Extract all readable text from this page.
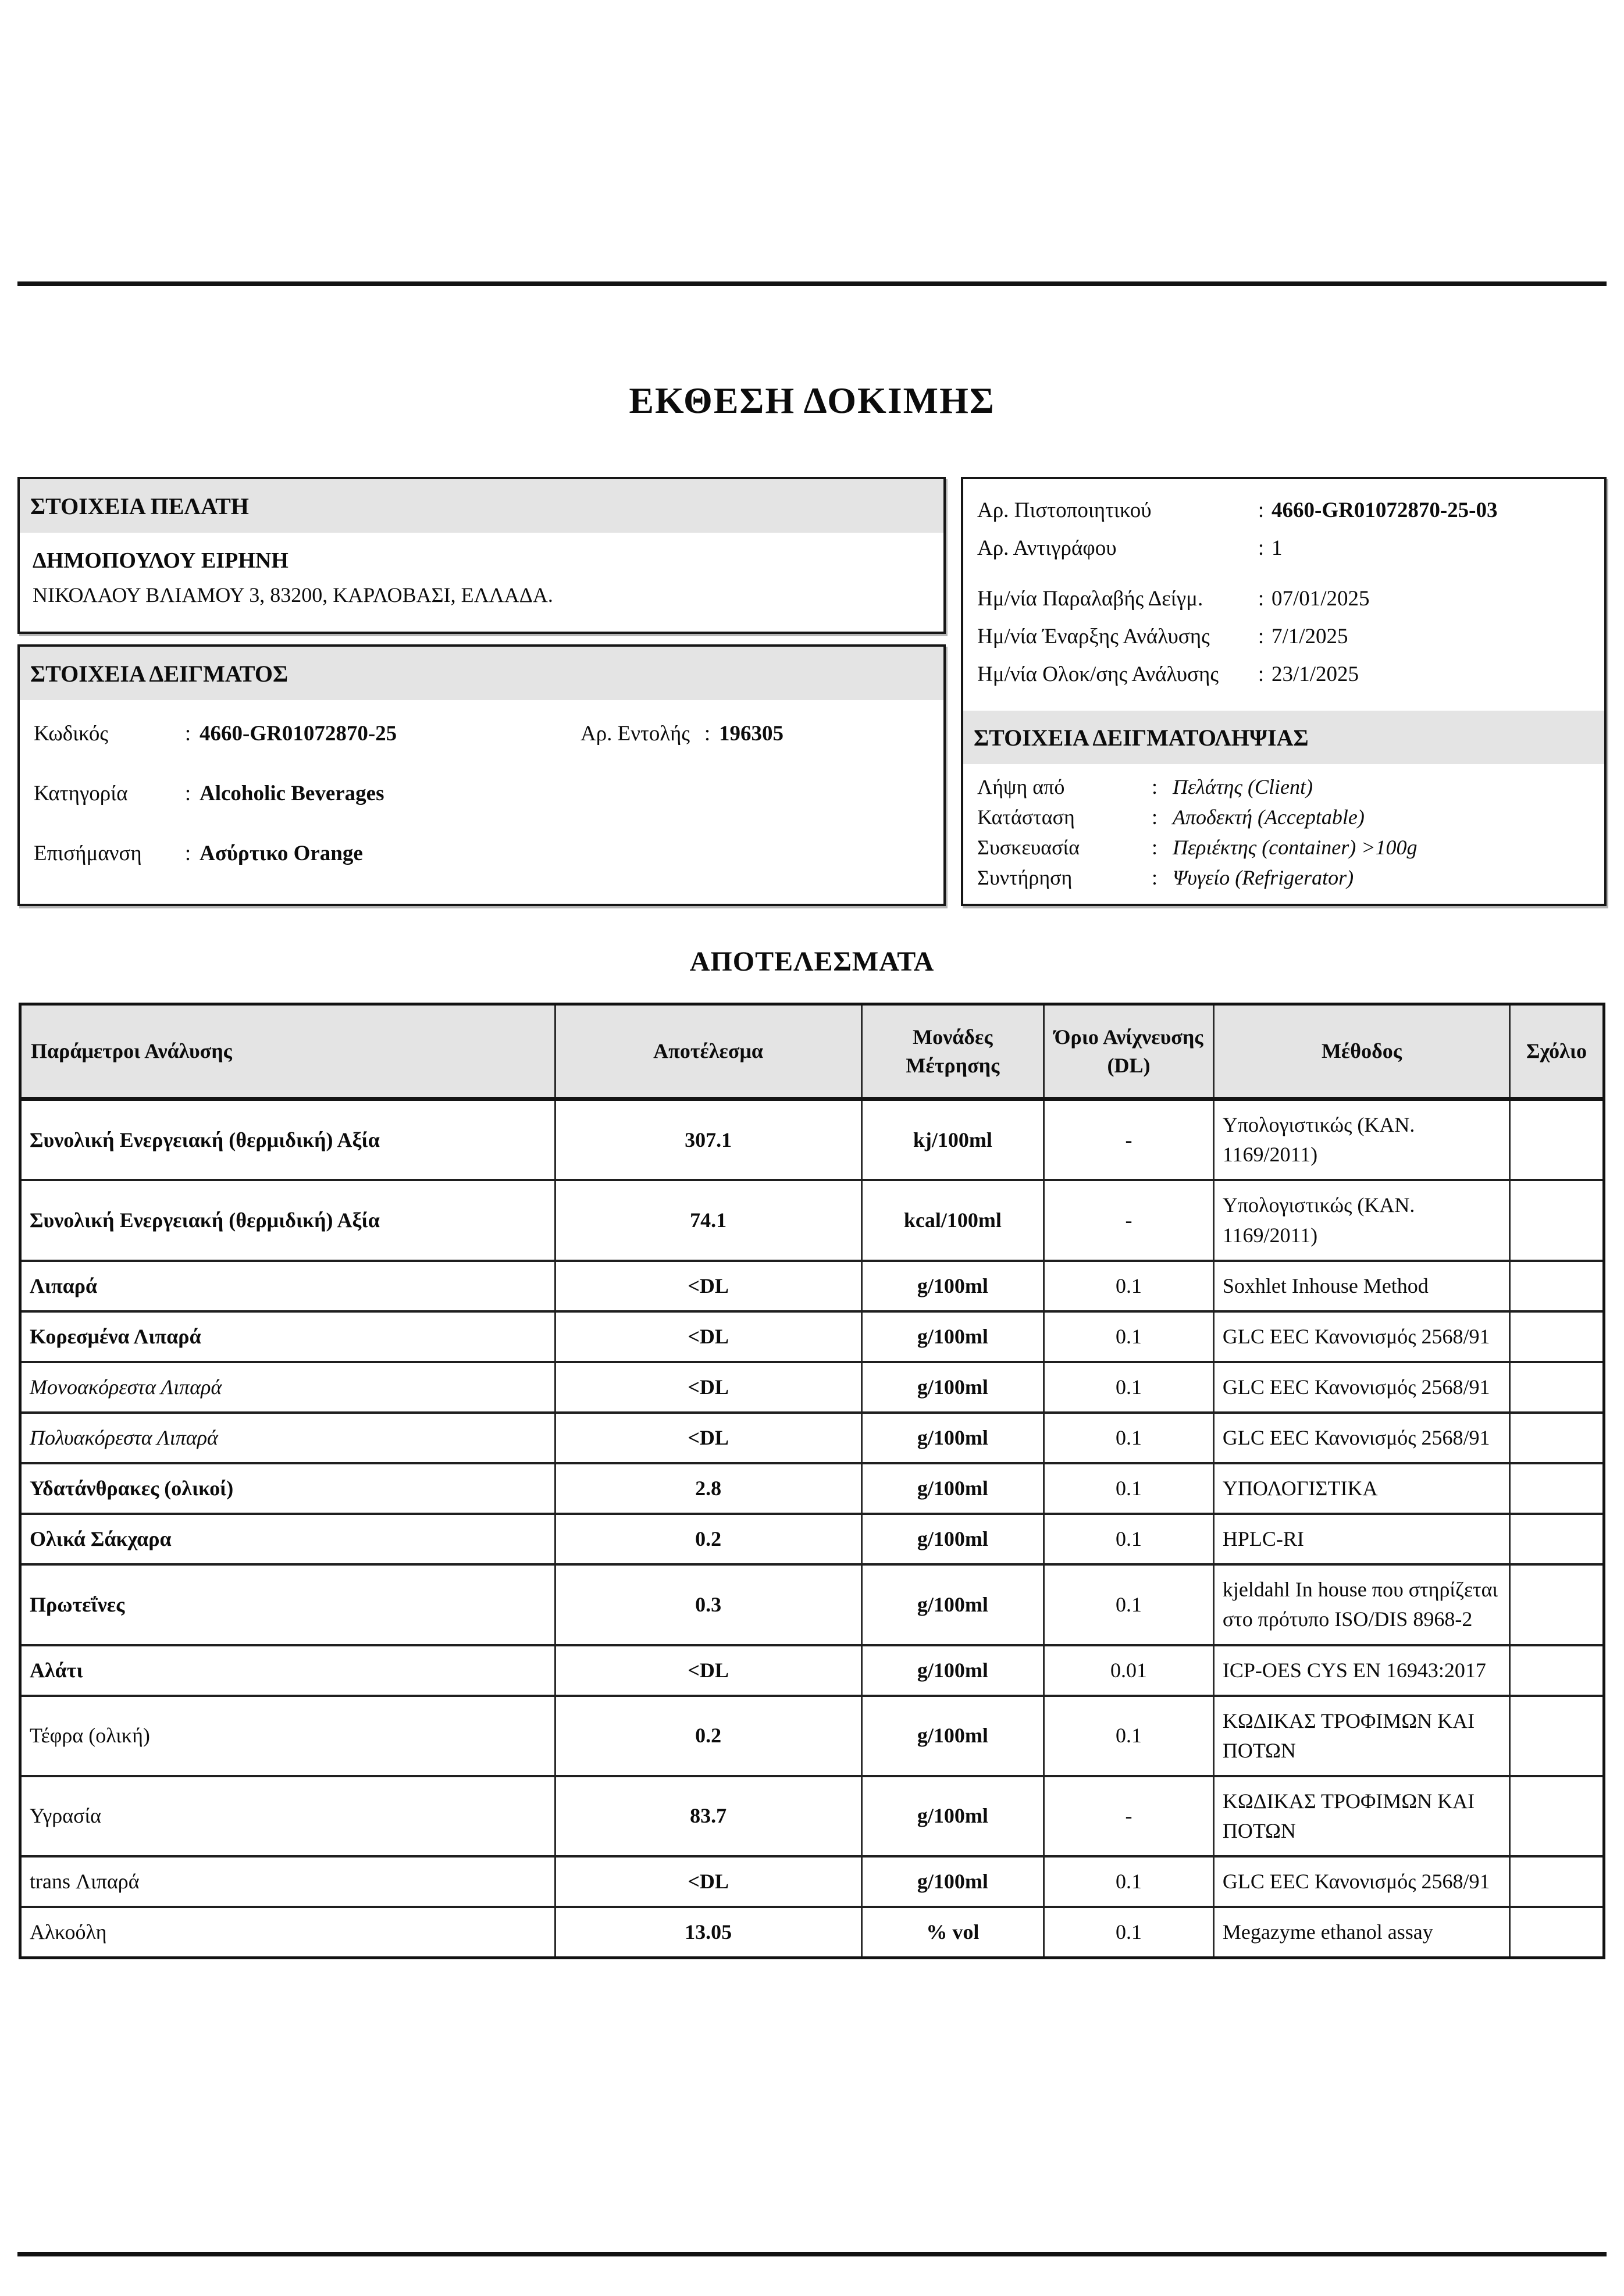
ΕΚΘΕΣΗ ΔΟΚΙΜΗΣ
ΣΤΟΙΧΕΙΑ ΠΕΛΑΤΗ
ΔΗΜΟΠΟΥΛΟΥ ΕΙΡΗΝΗ
ΝΙΚΟΛΑΟΥ ΒΛΙΑΜΟΥ 3, 83200, ΚΑΡΛΟΒΑΣΙ, ΕΛΛΑΔΑ.
ΣΤΟΙΧΕΙΑ ΔΕΙΓΜΑΤΟΣ
Κωδικός	: 4660-GR01072870-25	Αρ. Εντολής : 196305
Κατηγορία	: Alcoholic Beverages
Επισήμανση	: Ασύρτικο Orange
Αρ. Πιστοποιητικού	: 4660-GR01072870-25-03
Αρ. Αντιγράφου	: 1
Ημ/νία Παραλαβής Δείγμ.	: 07/01/2025
Ημ/νία Έναρξης Ανάλυσης	: 7/1/2025
Ημ/νία Ολοκ/σης Ανάλυσης	: 23/1/2025
ΣΤΟΙΧΕΙΑ ΔΕΙΓΜΑΤΟΛΗΨΙΑΣ
Λήψη από	: Πελάτης (Client)
Κατάσταση	: Αποδεκτή (Acceptable)
Συσκευασία	: Περιέκτης (container) >100g
Συντήρηση	: Ψυγείο (Refrigerator)
ΑΠΟΤΕΛΕΣΜΑΤΑ
Παράμετροι Ανάλυσης	Αποτέλεσμα	Μονάδες Μέτρησης	Όριο Ανίχνευσης (DL)	Μέθοδος	Σχόλιο
Συνολική Ενεργειακή (θερμιδική) Αξία	307.1	kj/100ml	-	Υπολογιστικώς (ΚΑΝ. 1169/2011)	
Συνολική Ενεργειακή (θερμιδική) Αξία	74.1	kcal/100ml	-	Υπολογιστικώς (ΚΑΝ. 1169/2011)	
Λιπαρά	<DL	g/100ml	0.1	Soxhlet Inhouse Method	
Κορεσμένα Λιπαρά	<DL	g/100ml	0.1	GLC EEC Κανονισμός 2568/91	
Μονοακόρεστα Λιπαρά	<DL	g/100ml	0.1	GLC EEC Κανονισμός 2568/91	
Πολυακόρεστα Λιπαρά	<DL	g/100ml	0.1	GLC EEC Κανονισμός 2568/91	
Υδατάνθρακες (ολικοί)	2.8	g/100ml	0.1	ΥΠΟΛΟΓΙΣΤΙΚΑ	
Ολικά Σάκχαρα	0.2	g/100ml	0.1	HPLC-RI	
Πρωτεΐνες	0.3	g/100ml	0.1	kjeldahl In house που στηρίζεται στο πρότυπο ISO/DIS 8968-2	
Αλάτι	<DL	g/100ml	0.01	ICP-OES CYS EN 16943:2017	
Τέφρα (ολική)	0.2	g/100ml	0.1	ΚΩΔΙΚΑΣ ΤΡΟΦΙΜΩΝ ΚΑΙ ΠΟΤΩΝ	
Υγρασία	83.7	g/100ml	-	ΚΩΔΙΚΑΣ ΤΡΟΦΙΜΩΝ ΚΑΙ ΠΟΤΩΝ	
trans Λιπαρά	<DL	g/100ml	0.1	GLC EEC Κανονισμός 2568/91	
Αλκοόλη	13.05	% vol	0.1	Megazyme ethanol assay	
